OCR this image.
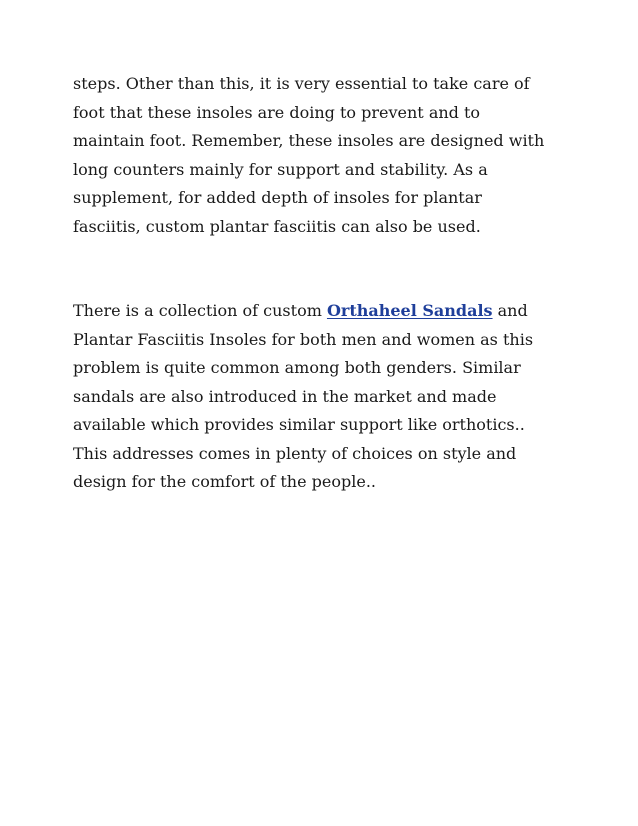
steps. Other than this, it is very essential to take care of
foot that these insoles are doing to prevent and to
maintain foot. Remember, these insoles are designed with
long counters mainly for support and stability. As a
supplement, for added depth of insoles for plantar
fasciitis, custom plantar fasciitis can also be used.
There is a collection of custom Orthaheel Sandals and
Plantar Fasciitis Insoles for both men and women as this
problem is quite common among both genders. Similar
sandals are also introduced in the market and made
available which provides similar support like orthotics..
This addresses comes in plenty of choices on style and
design for the comfort of the people..
